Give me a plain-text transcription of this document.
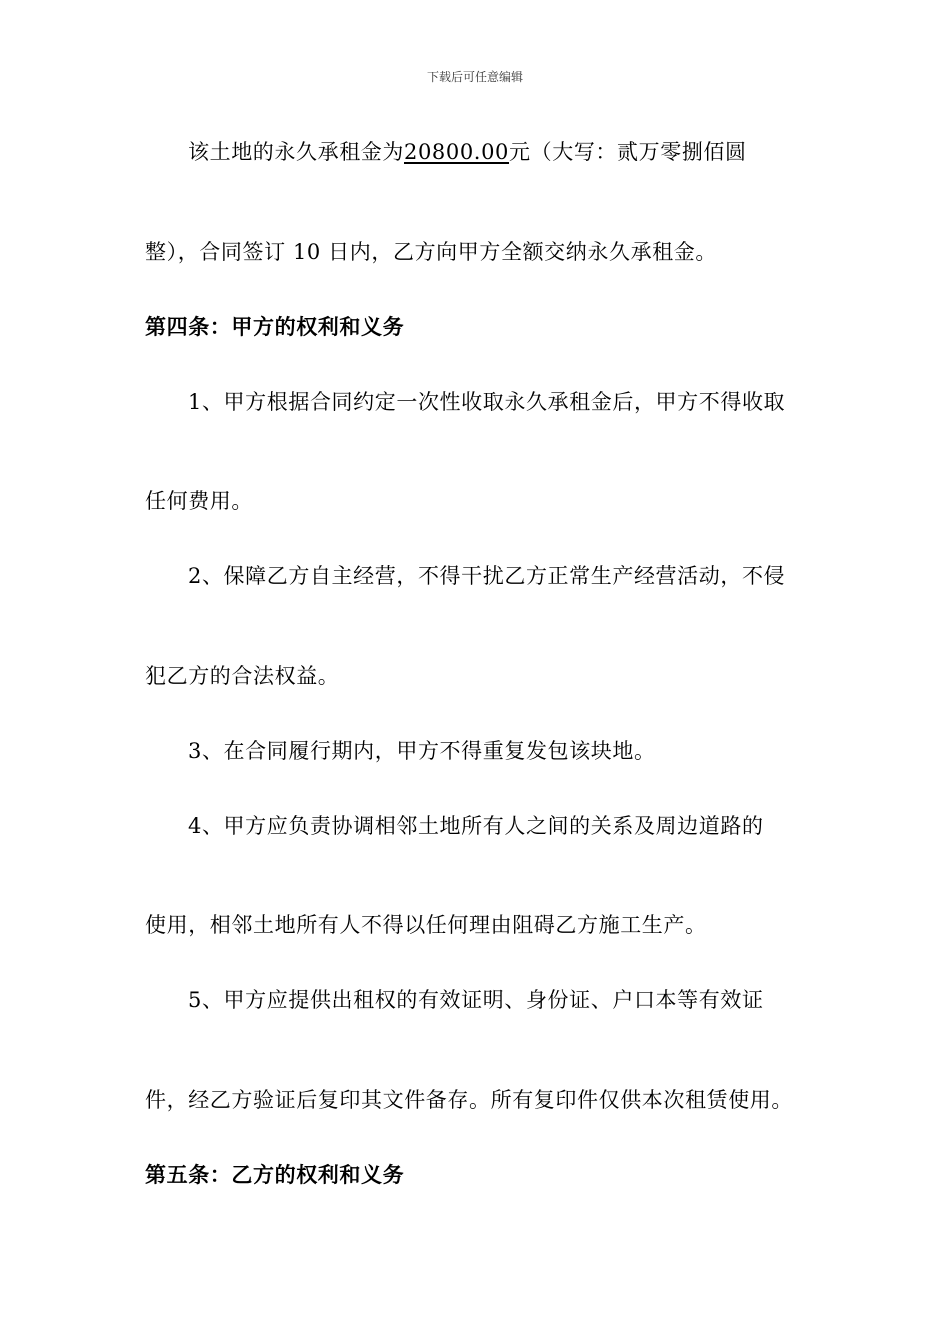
下载后可任意编辑
该土地的永久承租金为20800.00元（大写：贰万零捌佰圆
整），合同签订 10 日内，乙方向甲方全额交纳永久承租金。
第四条：甲方的权利和义务
1、甲方根据合同约定一次性收取永久承租金后，甲方不得收取
任何费用。
2、保障乙方自主经营，不得干扰乙方正常生产经营活动，不侵
犯乙方的合法权益。
3、在合同履行期内，甲方不得重复发包该块地。
4、甲方应负责协调相邻土地所有人之间的关系及周边道路的
使用，相邻土地所有人不得以任何理由阻碍乙方施工生产。
5、甲方应提供出租权的有效证明、身份证、户口本等有效证
件，经乙方验证后复印其文件备存。所有复印件仅供本次租赁使用。
第五条：乙方的权利和义务
